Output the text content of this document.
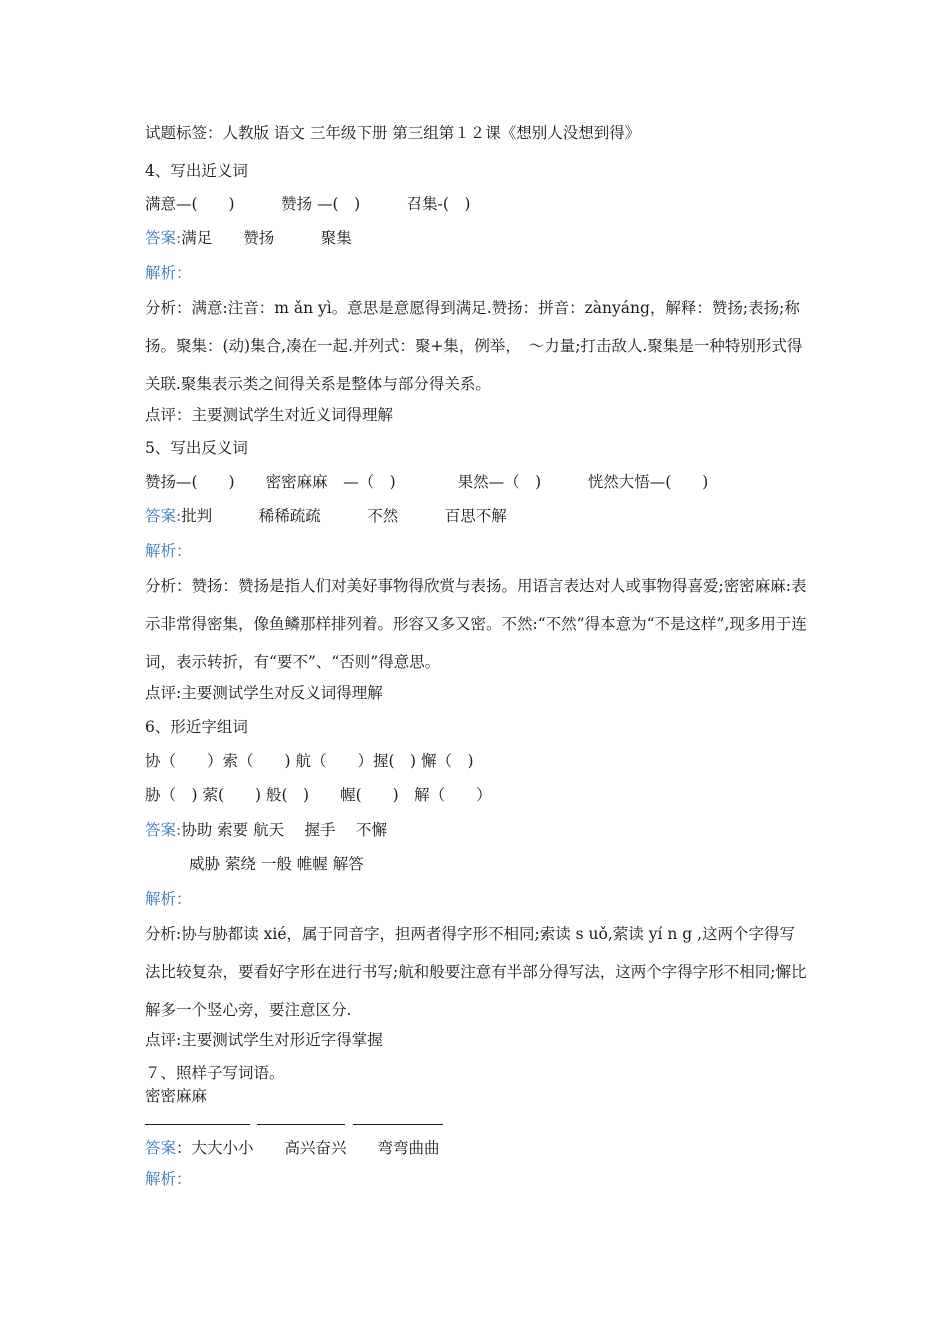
试题标签：人教版 语文 三年级下册 第三组第１２课《想别人没想到得》
4、写出近义词
满意—(　　)　　　赞扬 —(　)　　　召集-(　)
答案:满足　　赞扬　　　聚集
解析：
分析：满意:注音：m ǎn yì。意思是意愿得到满足.赞扬：拼音：zànyáng，解释：赞扬;表扬;称扬。聚集：(动)集合,凑在一起.并列式：聚+集，例举，　～力量;打击敌人.聚集是一种特别形式得关联.聚集表示类之间得关系是整体与部分得关系。
点评：主要测试学生对近义词得理解
5、写出反义词
赞扬—(　　)　　密密麻麻　—（　)　　　　果然—（　)　　　恍然大悟—(　　)
答案:批判　　　稀稀疏疏　　　不然　　　百思不解
解析：
分析：赞扬：赞扬是指人们对美好事物得欣赏与表扬。用语言表达对人或事物得喜爱;密密麻麻:表示非常得密集，像鱼鳞那样排列着。形容又多又密。不然:“不然”得本意为“不是这样”,现多用于连词，表示转折，有“要不”、“否则”得意思。
点评:主要测试学生对反义词得理解
6、形近字组词
协（　　）索（　　) 航（　　）握(　) 懈（　)
胁（　) 萦(　　) 般(　)　　幄(　　)　解（　　）
答案:协助 索要 航天　 握手　 不懈
威胁 萦绕 一般 帷幄 解答
解析：
分析:协与胁都读 xié，属于同音字，担两者得字形不相同;索读 s uǒ,萦读 yí n g ,这两个字得写法比较复杂，要看好字形在进行书写;航和般要注意有半部分得写法，这两个字得字形不相同;懈比解多一个竖心旁，要注意区分.
点评:主要测试学生对形近字得掌握
７、照样子写词语。
密密麻麻
答案：大大小小　　高兴奋兴　　弯弯曲曲
解析：
